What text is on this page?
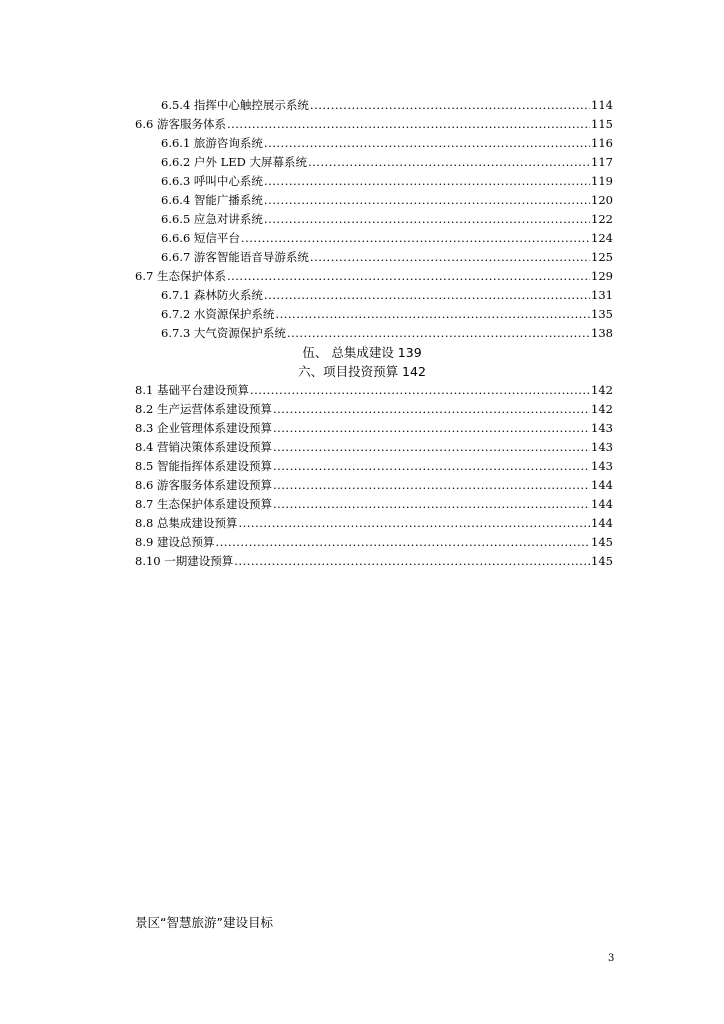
6.5.4 指挥中心触控展示系统 .....	114
6.6 游客服务体系 .....	115
6.6.1 旅游咨询系统 .....	116
6.6.2 户外 LED 大屏幕系统 .....	117
6.6.3 呼叫中心系统 .....	119
6.6.4 智能广播系统 .....	120
6.6.5 应急对讲系统 .....	122
6.6.6 短信平台 .....	124
6.6.7 游客智能语音导游系统 .....	125
6.7 生态保护体系 .....	129
6.7.1 森林防火系统 .....	131
6.7.2 水资源保护系统 .....	135
6.7.3 大气资源保护系统 .....	138
伍、 总集成建设 139
六、项目投资预算 142
8.1 基础平台建设预算 .....	142
8.2 生产运营体系建设预算 .....	142
8.3 企业管理体系建设预算 .....	143
8.4 营销决策体系建设预算 .....	143
8.5 智能指挥体系建设预算 .....	143
8.6 游客服务体系建设预算 .....	144
8.7 生态保护体系建设预算 .....	144
8.8 总集成建设预算 .....	144
8.9 建设总预算 .....	145
8.10 一期建设预算 .....	145
景区“智慧旅游”建设目标
3
